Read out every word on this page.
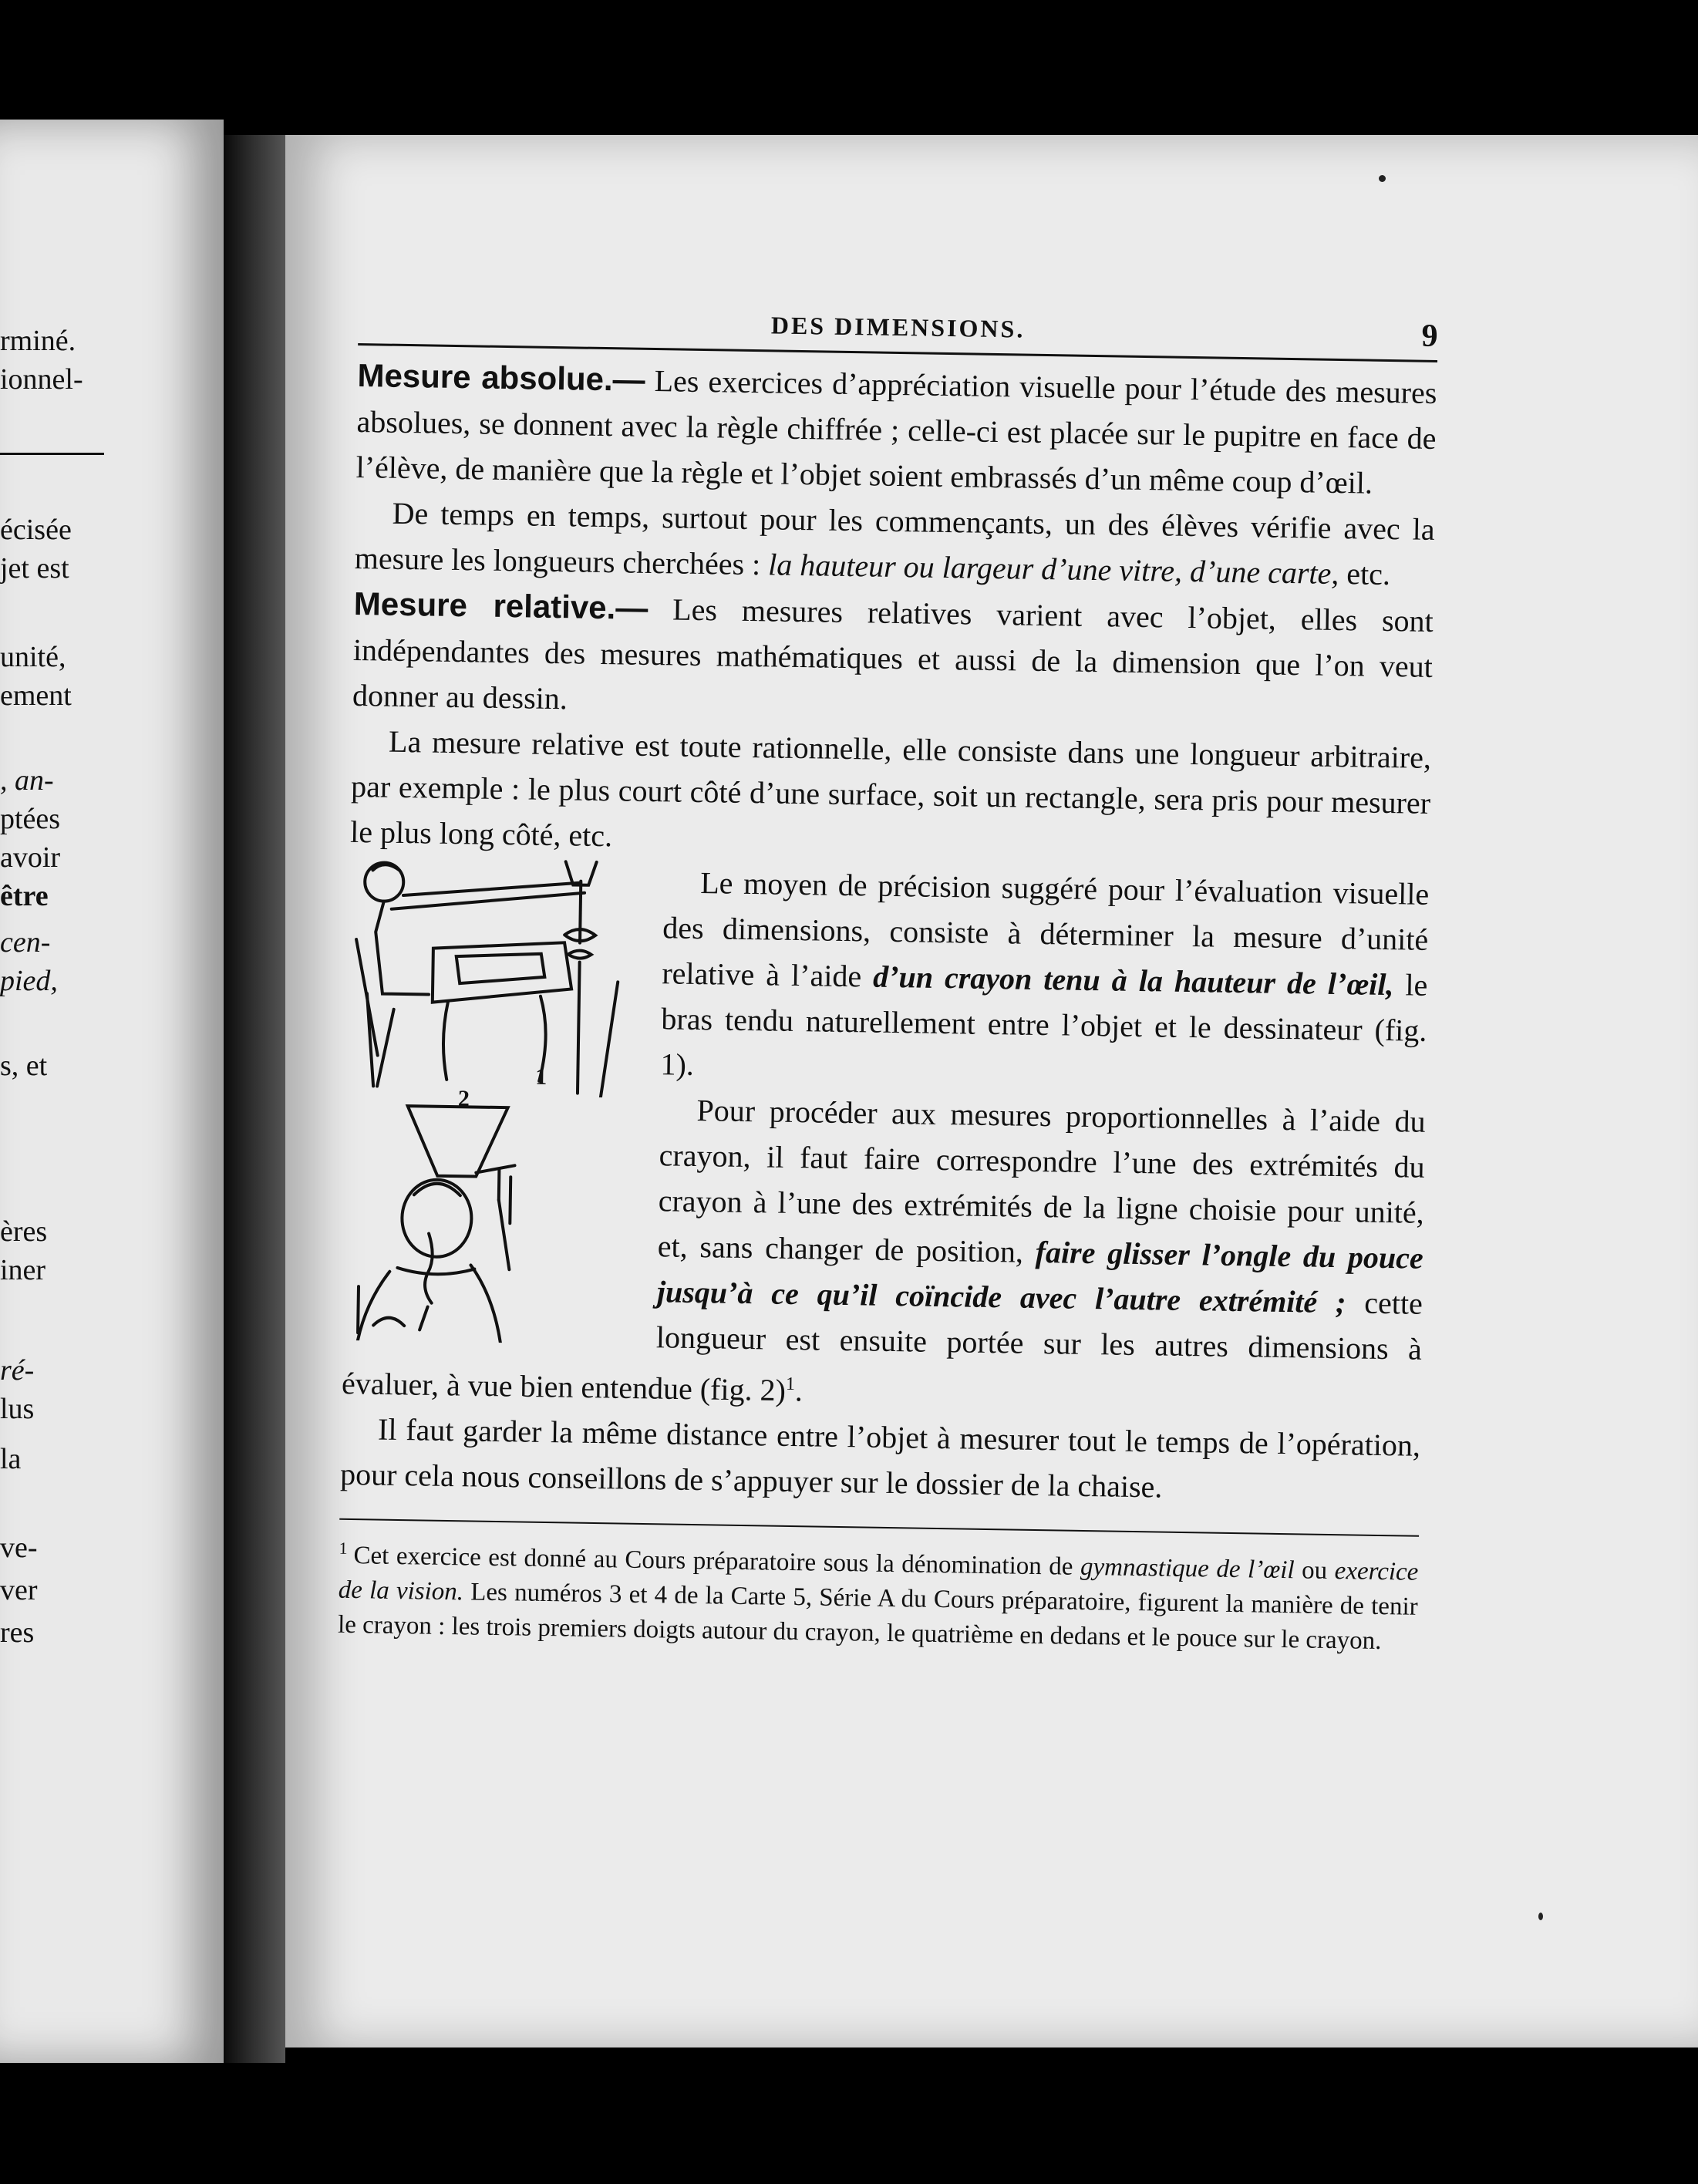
rminé.
ionnel-
écisée
jet est
unité,
ement
, an-
ptées
avoir
être
cen-
pied,
s, et
ères
iner
ré-
lus
la
ve-
ver
res
DES DIMENSIONS.	9

Mesure absolue.— Les exercices d’appréciation visuelle pour l’étude des mesures absolues, se donnent avec la règle chiffrée ; celle-ci est placée sur le pupitre en face de l’élève, de manière que la règle et l’objet soient embrassés d’un même coup d’œil.

De temps en temps, surtout pour les commençants, un des élèves vérifie avec la mesure les longueurs cherchées : la hauteur ou largeur d’une vitre, d’une carte, etc.

Mesure relative.— Les mesures relatives varient avec l’objet, elles sont indépendantes des mesures mathématiques et aussi de la dimension que l’on veut donner au dessin.

La mesure relative est toute rationnelle, elle consiste dans une longueur arbitraire, par exemple : le plus court côté d’une surface, soit un rectangle, sera pris pour mesurer le plus long côté, etc.

1
2

Le moyen de précision suggéré pour l’évaluation visuelle des dimensions, consiste à déterminer la mesure d’unité relative à l’aide d’un crayon tenu à la hauteur de l’œil, le bras tendu naturellement entre l’objet et le dessinateur (fig. 1).

Pour procéder aux mesures proportionnelles à l’aide du crayon, il faut faire correspondre l’une des extrémités du crayon à l’une des extrémités de la ligne choisie pour unité, et, sans changer de position, faire glisser l’ongle du pouce jusqu’à ce qu’il coïncide avec l’autre extrémité ; cette longueur est ensuite portée sur les autres dimensions à évaluer, à vue bien entendue (fig. 2)$^1$.

Il faut garder la même distance entre l’objet à mesurer tout le temps de l’opération, pour cela nous conseillons de s’appuyer sur le dossier de la chaise.

$^1$ Cet exercice est donné au Cours préparatoire sous la dénomination de gymnastique de l’œil ou exercice de la vision. Les numéros 3 et 4 de la Carte 5, Série A du Cours préparatoire, figurent la manière de tenir le crayon : les trois premiers doigts autour du crayon, le quatrième en dedans et le pouce sur le crayon.
